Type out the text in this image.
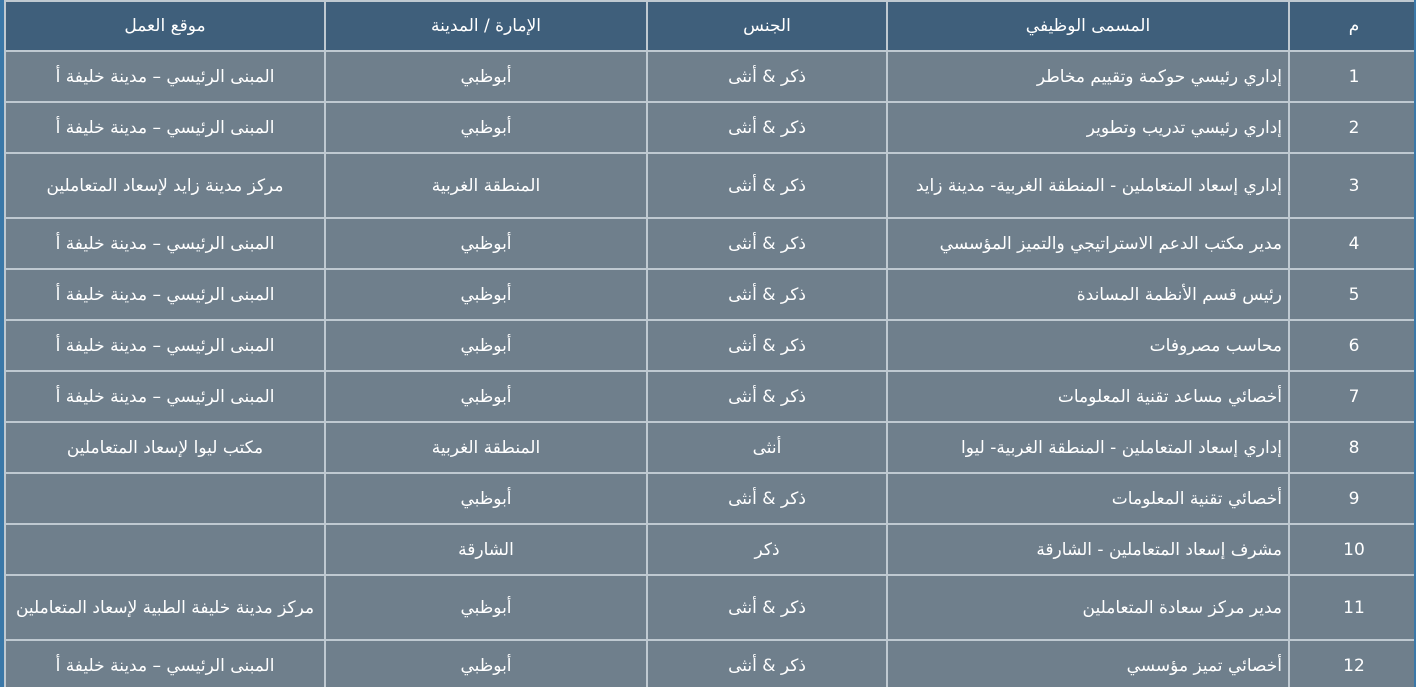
م	المسمى الوظيفي	الجنس	الإمارة / المدينة	موقع العمل
1	إداري رئيسي حوكمة وتقييم مخاطر	ذكر & أنثى	أبوظبي	المبنى الرئيسي – مدينة خليفة أ
2	إداري رئيسي تدريب وتطوير	ذكر & أنثى	أبوظبي	المبنى الرئيسي – مدينة خليفة أ
3	إداري إسعاد المتعاملين - المنطقة الغربية- مدينة زايد	ذكر & أنثى	المنطقة الغربية	مركز مدينة زايد لإسعاد المتعاملين
4	مدير مكتب الدعم الاستراتيجي والتميز المؤسسي	ذكر & أنثى	أبوظبي	المبنى الرئيسي – مدينة خليفة أ
5	رئيس قسم الأنظمة المساندة	ذكر & أنثى	أبوظبي	المبنى الرئيسي – مدينة خليفة أ
6	محاسب مصروفات	ذكر & أنثى	أبوظبي	المبنى الرئيسي – مدينة خليفة أ
7	أخصائي مساعد تقنية المعلومات	ذكر & أنثى	أبوظبي	المبنى الرئيسي – مدينة خليفة أ
8	إداري إسعاد المتعاملين - المنطقة الغربية- ليوا	أنثى	المنطقة الغربية	مكتب ليوا لإسعاد المتعاملين
9	أخصائي تقنية المعلومات	ذكر & أنثى	أبوظبي	
10	مشرف إسعاد المتعاملين - الشارقة	ذكر	الشارقة	
11	مدير مركز سعادة المتعاملين	ذكر & أنثى	أبوظبي	مركز مدينة خليفة الطبية لإسعاد المتعاملين
12	أخصائي تميز مؤسسي	ذكر & أنثى	أبوظبي	المبنى الرئيسي – مدينة خليفة أ
